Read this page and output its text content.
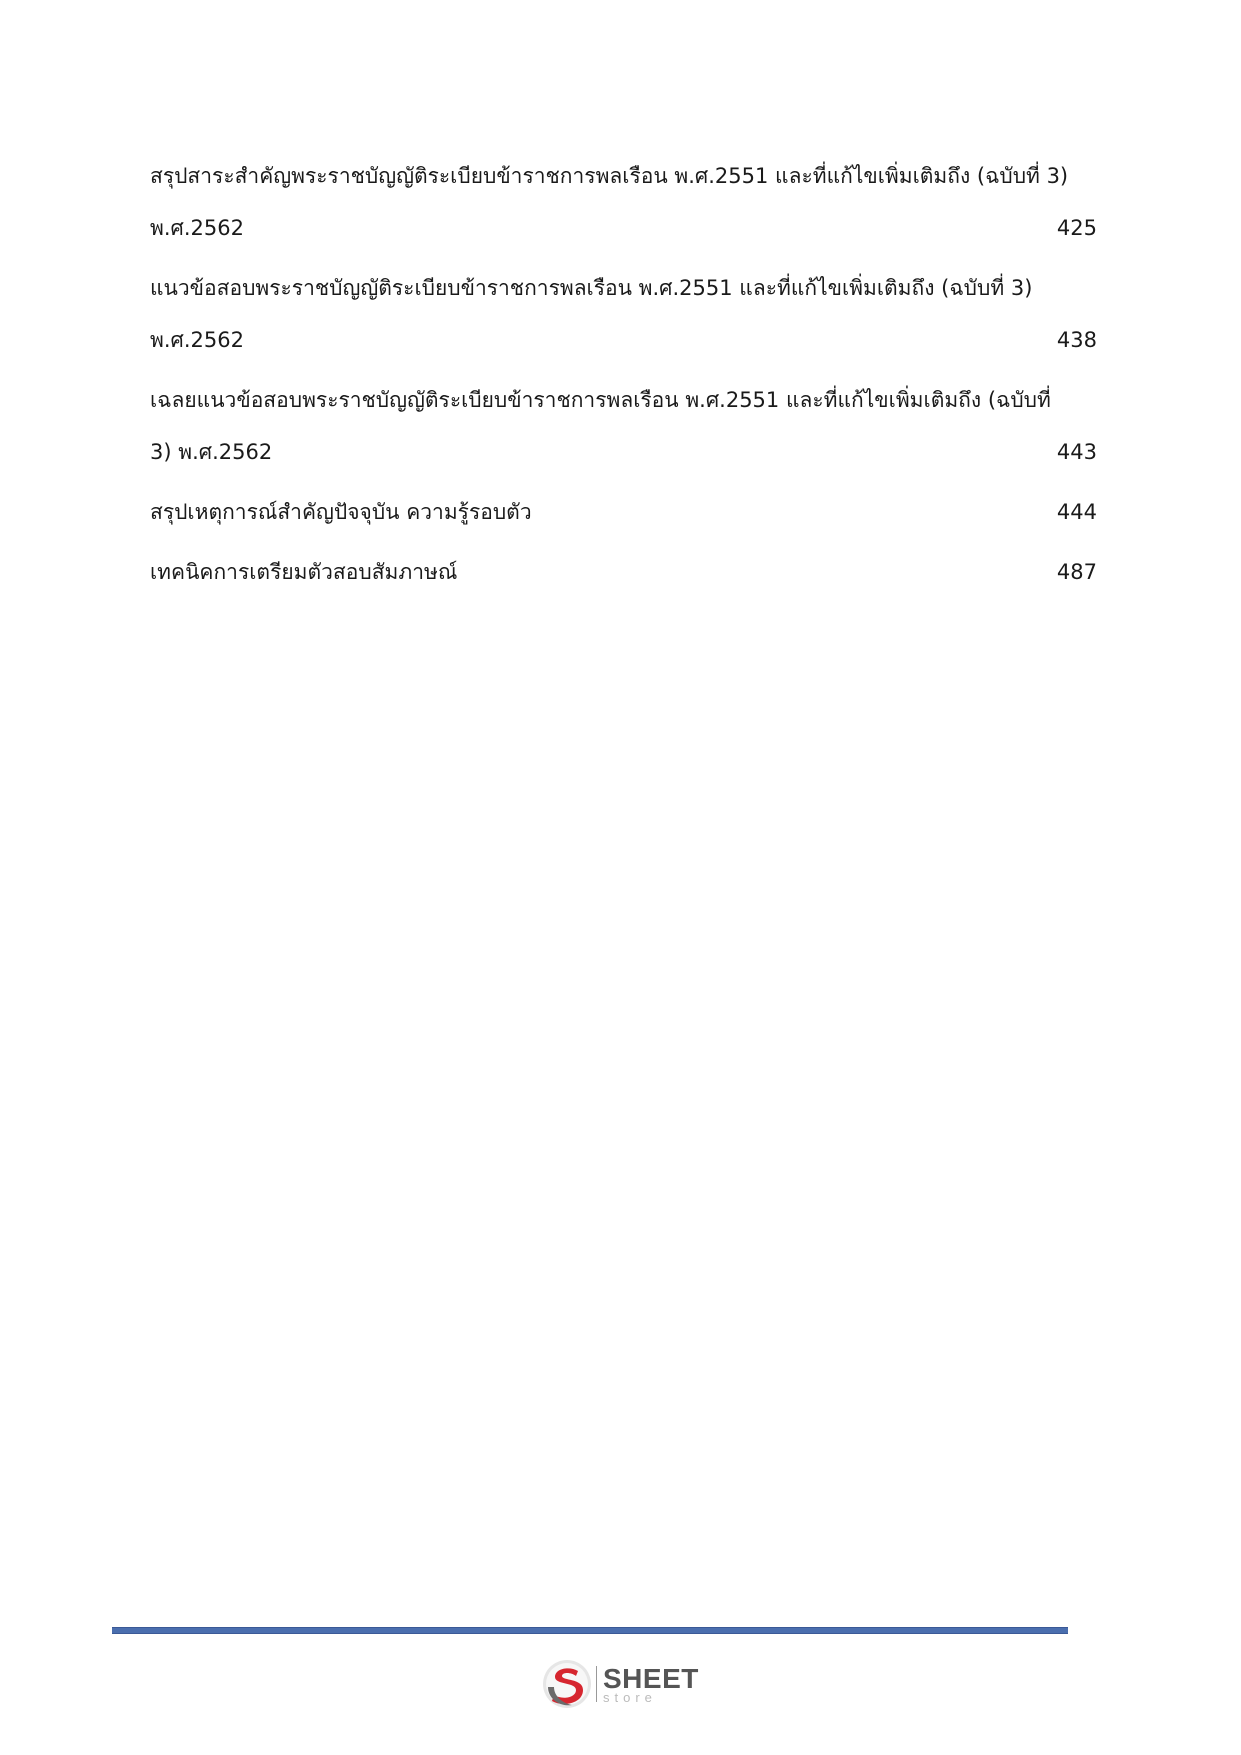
สรุปสาระสำคัญพระราชบัญญัติระเบียบข้าราชการพลเรือน พ.ศ.2551 และที่แก้ไขเพิ่มเติมถึง (ฉบับที่ 3)
พ.ศ.2562 .....	425
แนวข้อสอบพระราชบัญญัติระเบียบข้าราชการพลเรือน พ.ศ.2551 และที่แก้ไขเพิ่มเติมถึง (ฉบับที่ 3)
พ.ศ.2562 .....	438
เฉลยแนวข้อสอบพระราชบัญญัติระเบียบข้าราชการพลเรือน พ.ศ.2551 และที่แก้ไขเพิ่มเติมถึง (ฉบับที่
3) พ.ศ.2562 .....	443
สรุปเหตุการณ์สำคัญปัจจุบัน ความรู้รอบตัว .....	444
เทคนิคการเตรียมตัวสอบสัมภาษณ์ .....	487
SHEET
store
